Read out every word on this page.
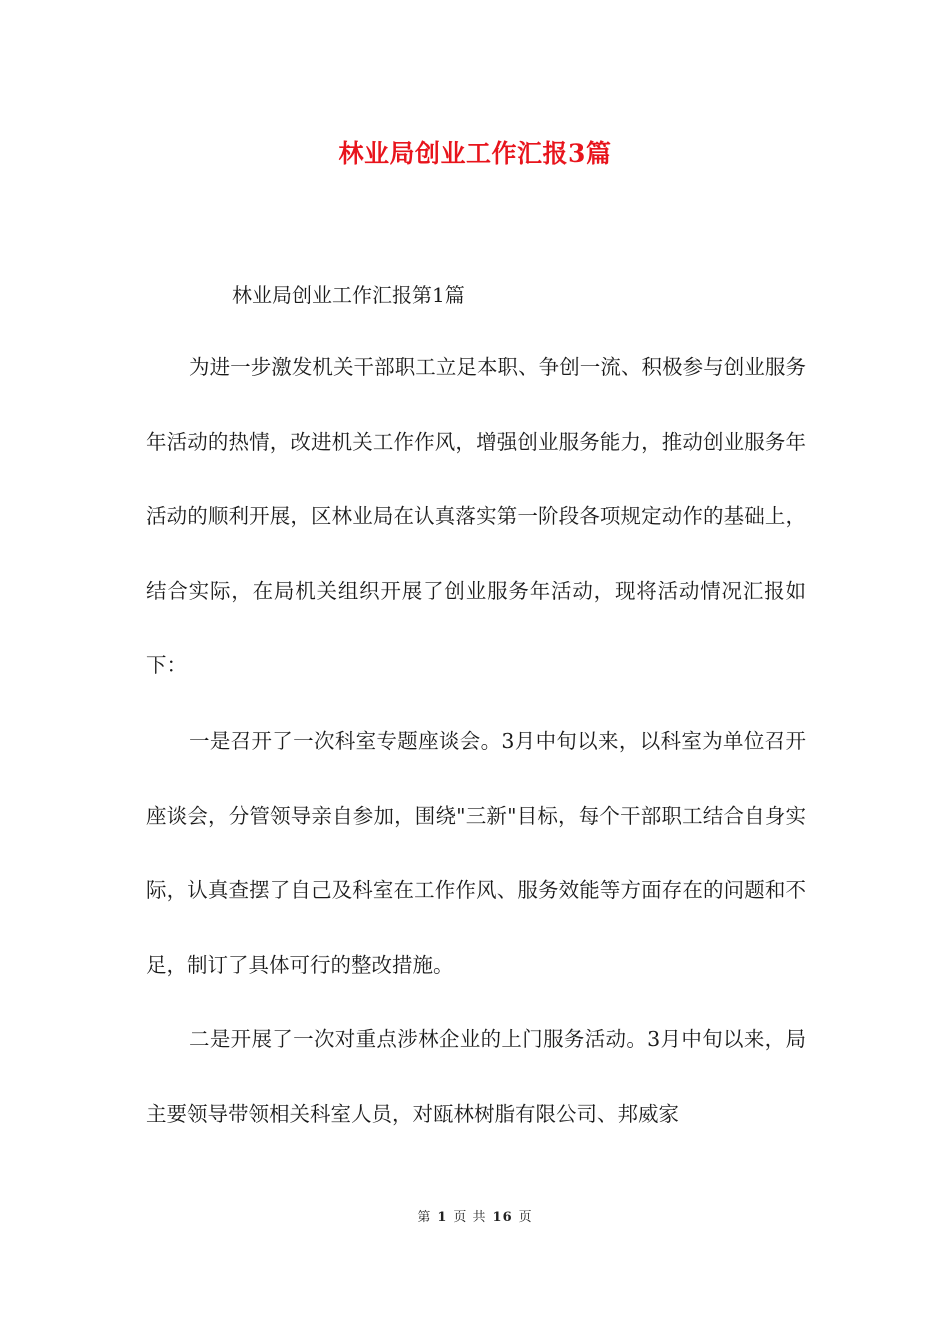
林业局创业工作汇报3篇
林业局创业工作汇报第1篇

为进一步激发机关干部职工立足本职、争创一流、积极参与创业服务年活动的热情，改进机关工作作风，增强创业服务能力，推动创业服务年活动的顺利开展，区林业局在认真落实第一阶段各项规定动作的基础上，结合实际，在局机关组织开展了创业服务年活动，现将活动情况汇报如下：

一是召开了一次科室专题座谈会。3月中旬以来，以科室为单位召开座谈会，分管领导亲自参加，围绕"三新"目标，每个干部职工结合自身实际，认真查摆了自己及科室在工作作风、服务效能等方面存在的问题和不足，制订了具体可行的整改措施。

二是开展了一次对重点涉林企业的上门服务活动。3月中旬以来，局主要领导带领相关科室人员，对瓯林树脂有限公司、邦威家

第 1 页 共 16 页
